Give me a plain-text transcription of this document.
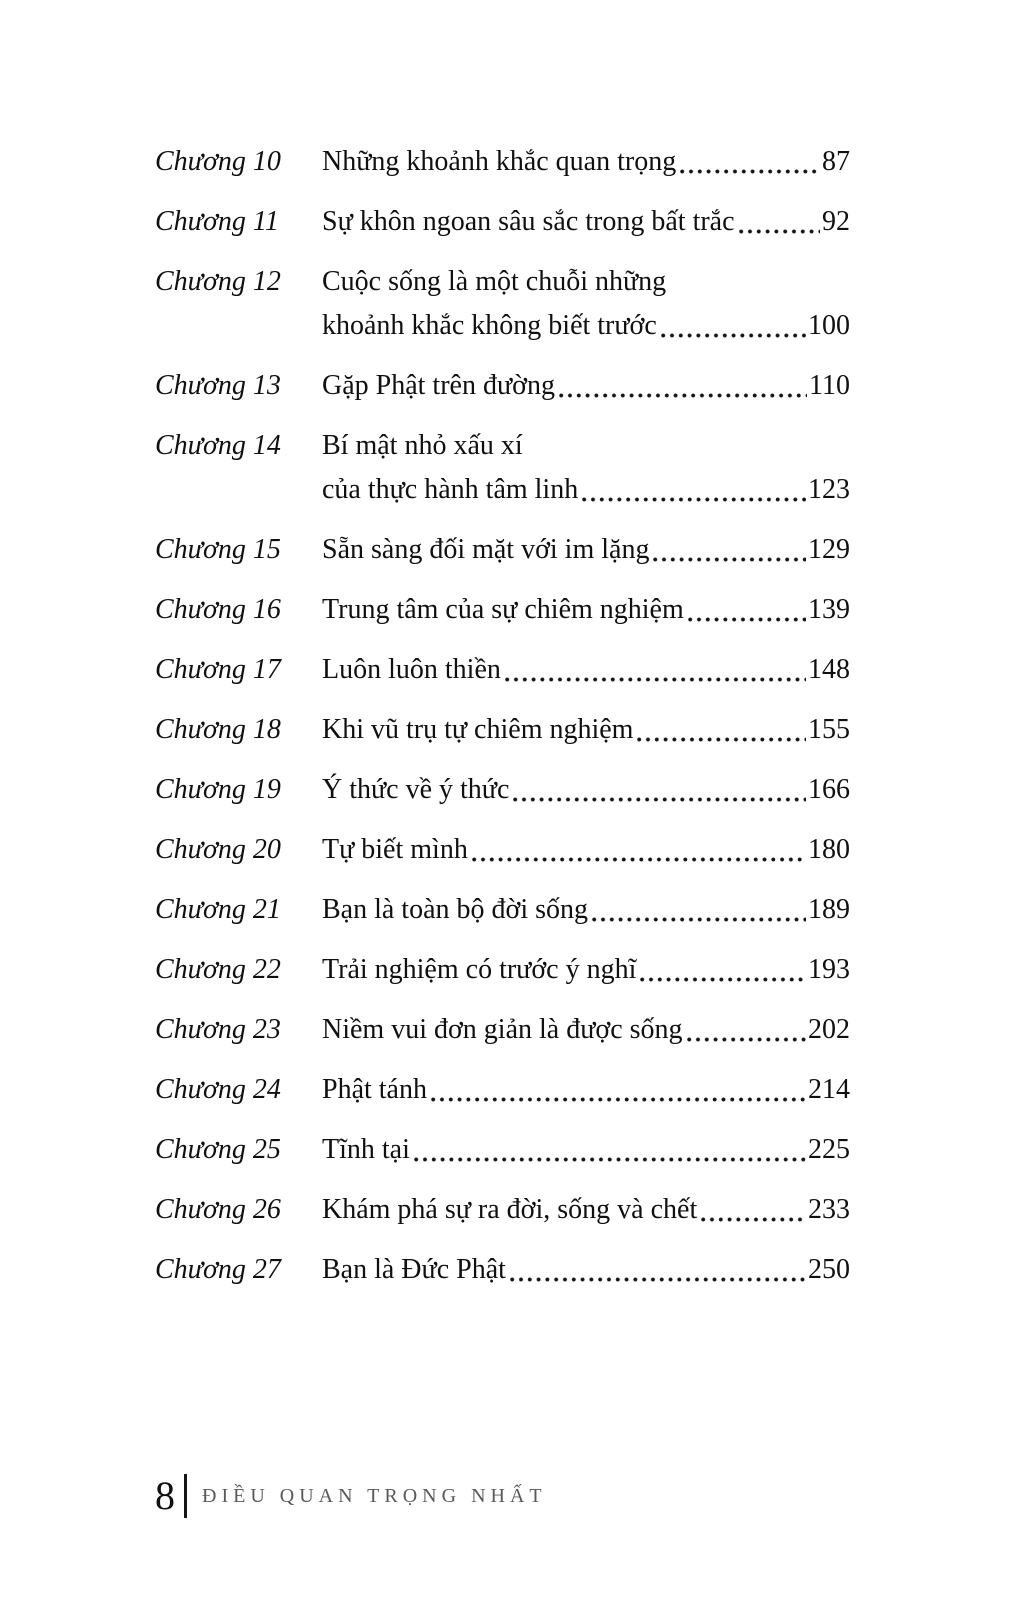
Chương 10	Những khoảnh khắc quan trọng	87
Chương 11	Sự khôn ngoan sâu sắc trong bất trắc	92
Chương 12	Cuộc sống là một chuỗi những
khoảnh khắc không biết trước	100
Chương 13	Gặp Phật trên đường	110
Chương 14	Bí mật nhỏ xấu xí
của thực hành tâm linh	123
Chương 15	Sẵn sàng đối mặt với im lặng	129
Chương 16	Trung tâm của sự chiêm nghiệm	139
Chương 17	Luôn luôn thiền	148
Chương 18	Khi vũ trụ tự chiêm nghiệm	155
Chương 19	Ý thức về ý thức	166
Chương 20	Tự biết mình	180
Chương 21	Bạn là toàn bộ đời sống	189
Chương 22	Trải nghiệm có trước ý nghĩ	193
Chương 23	Niềm vui đơn giản là được sống	202
Chương 24	Phật tánh	214
Chương 25	Tĩnh tại	225
Chương 26	Khám phá sự ra đời, sống và chết	233
Chương 27	Bạn là Đức Phật	250
8 ĐIỀU QUAN TRỌNG NHẤT
